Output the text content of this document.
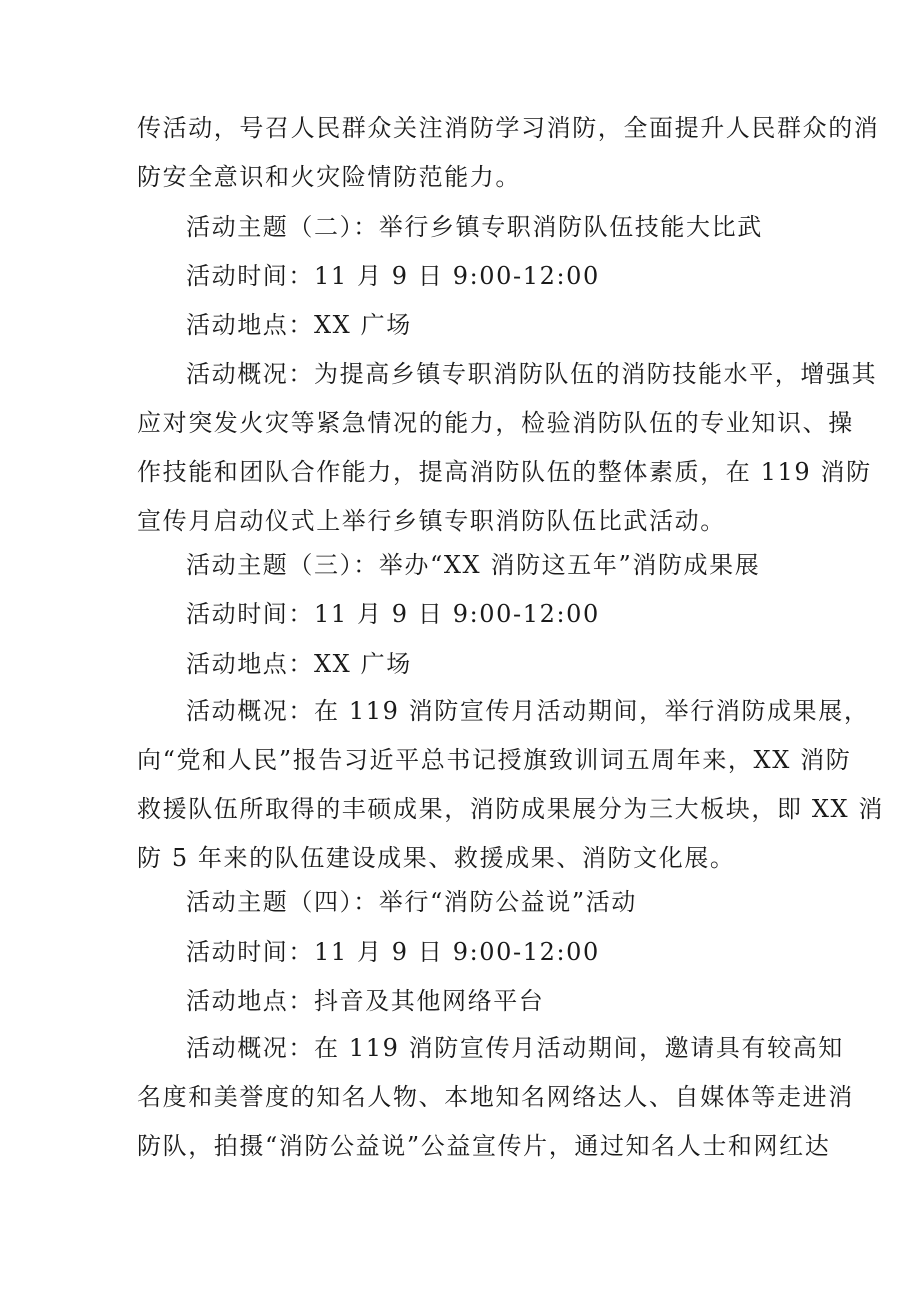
传活动，号召人民群众关注消防学习消防，全面提升人民群众的消
防安全意识和火灾险情防范能力。
活动主题（二）：举行乡镇专职消防队伍技能大比武
活动时间：11 月 9 日 9:00-12:00
活动地点：XX 广场
活动概况：为提高乡镇专职消防队伍的消防技能水平，增强其
应对突发火灾等紧急情况的能力，检验消防队伍的专业知识、操
作技能和团队合作能力，提高消防队伍的整体素质，在 119 消防
宣传月启动仪式上举行乡镇专职消防队伍比武活动。
活动主题（三）：举办“XX 消防这五年”消防成果展
活动时间：11 月 9 日 9:00-12:00
活动地点：XX 广场
活动概况：在 119 消防宣传月活动期间，举行消防成果展，
向“党和人民”报告习近平总书记授旗致训词五周年来，XX 消防
救援队伍所取得的丰硕成果，消防成果展分为三大板块，即 XX 消
防 5 年来的队伍建设成果、救援成果、消防文化展。
活动主题（四）：举行“消防公益说”活动
活动时间：11 月 9 日 9:00-12:00
活动地点：抖音及其他网络平台
活动概况：在 119 消防宣传月活动期间，邀请具有较高知
名度和美誉度的知名人物、本地知名网络达人、自媒体等走进消
防队，拍摄“消防公益说”公益宣传片，通过知名人士和网红达
